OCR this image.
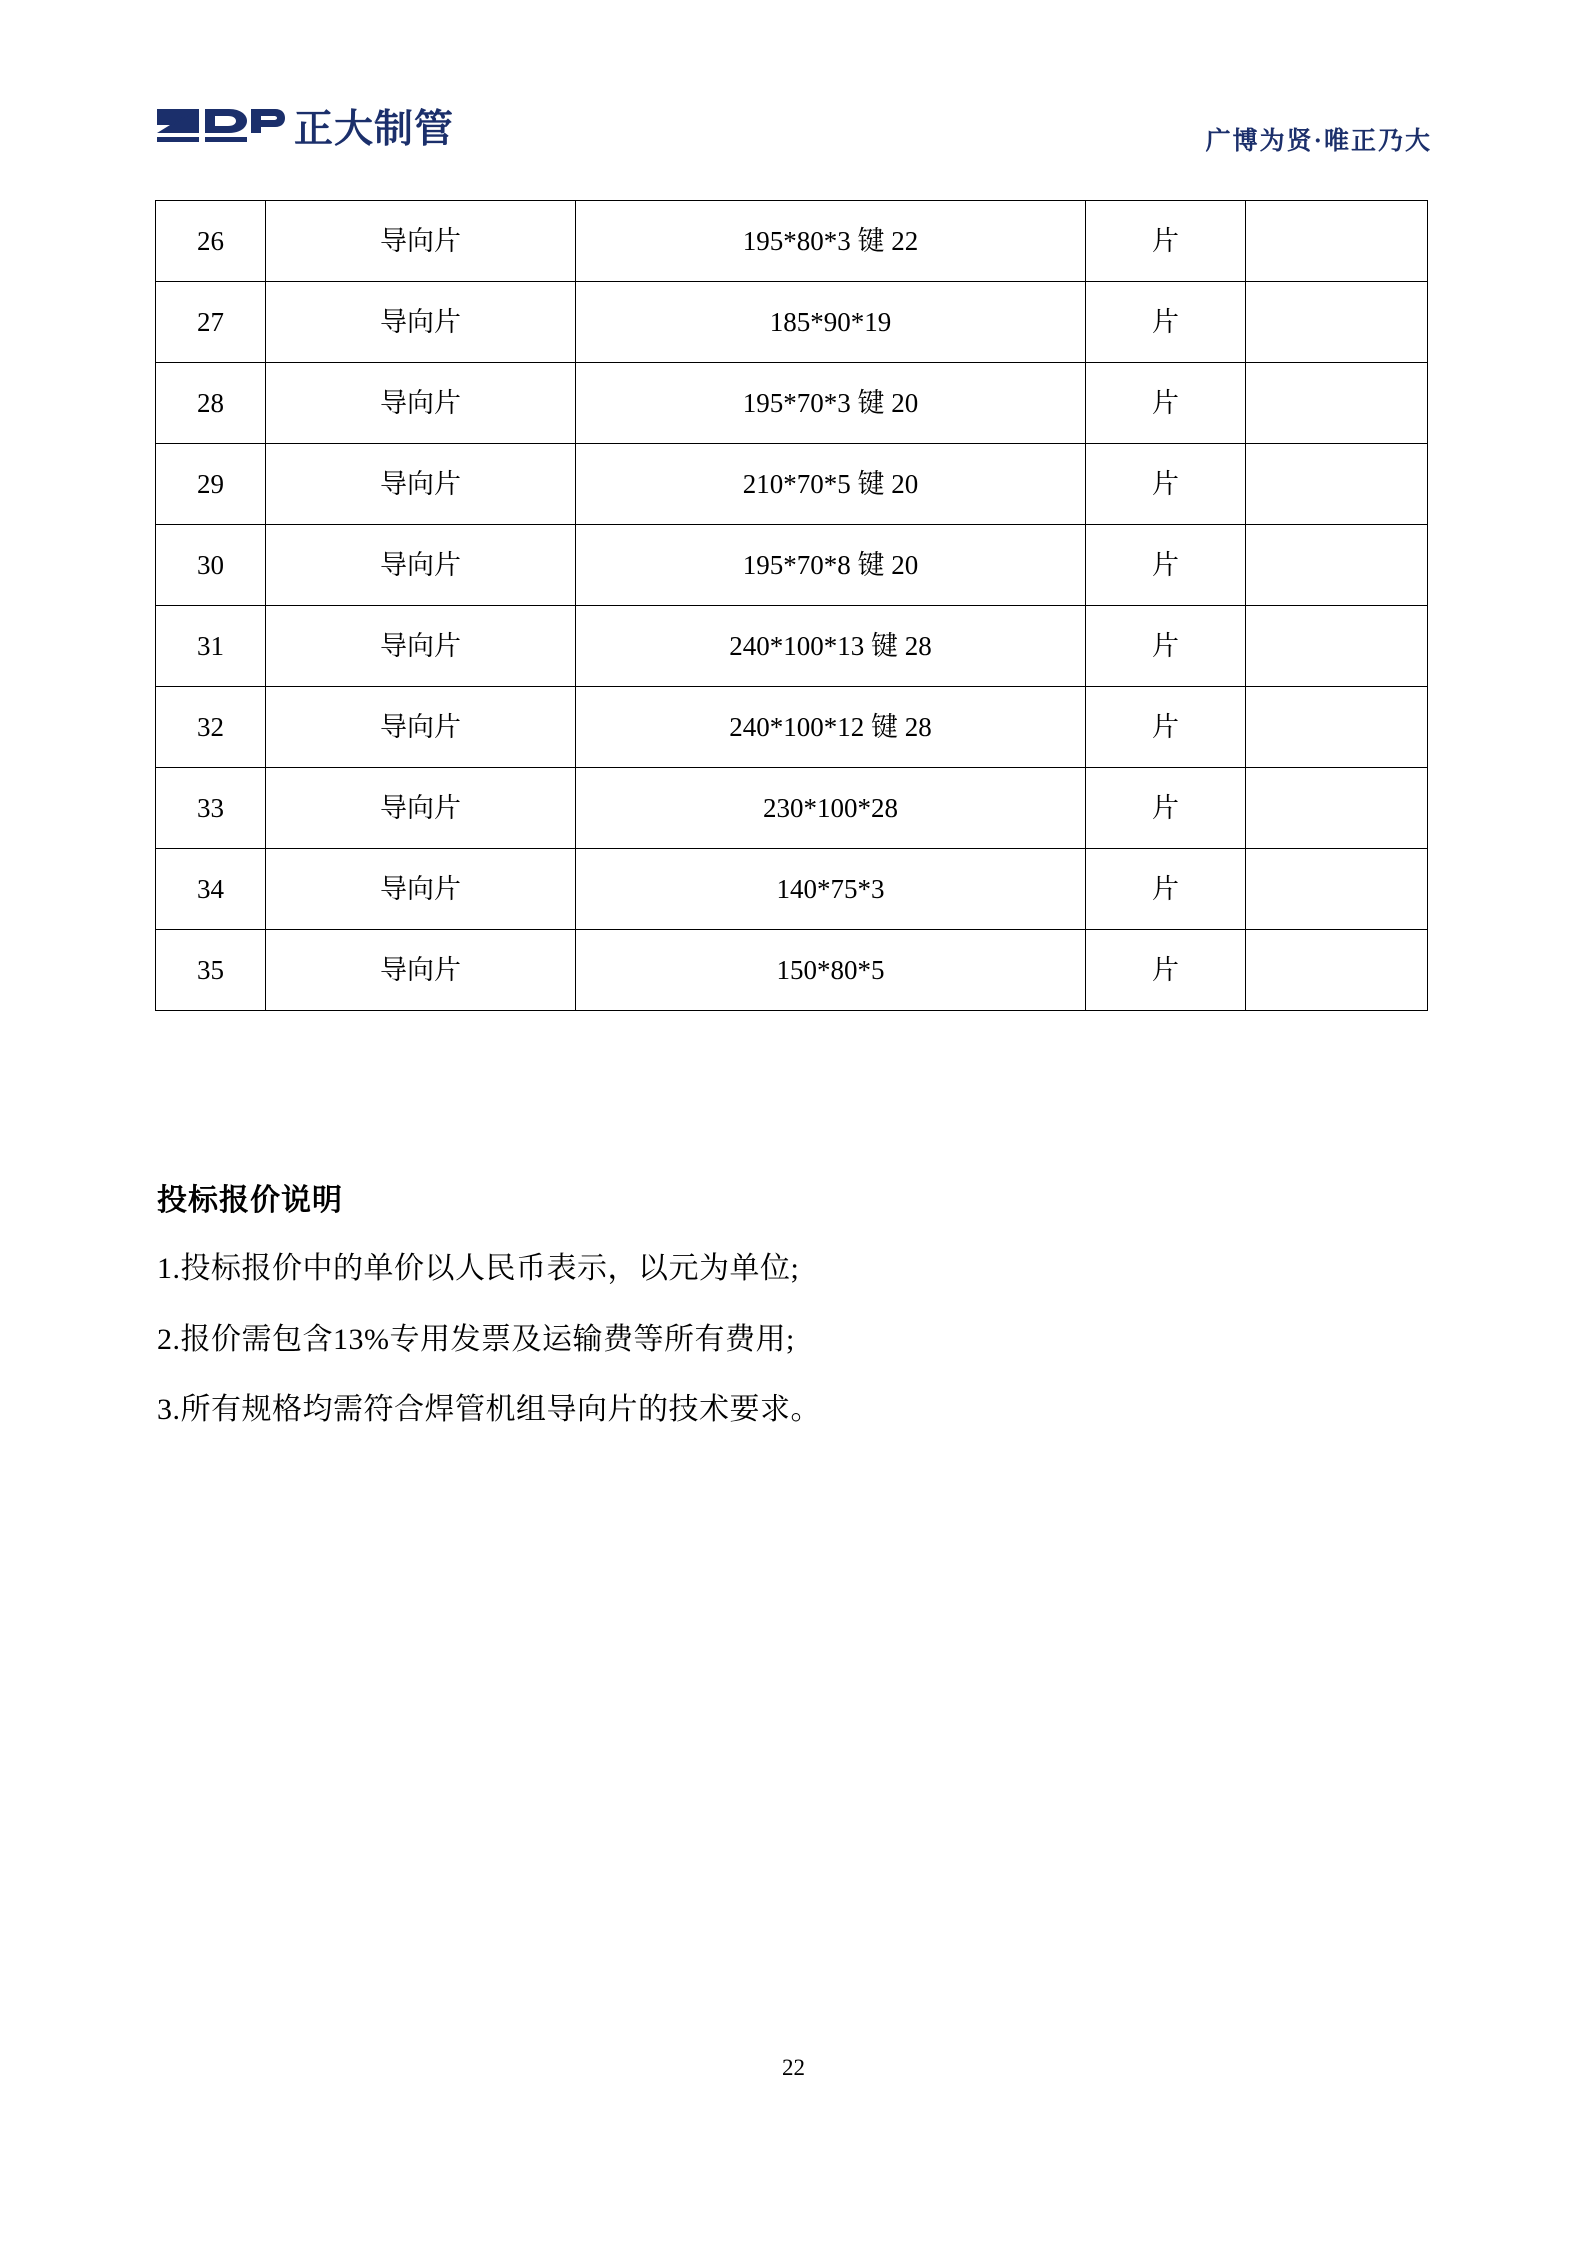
正大制管	广博为贤·唯正乃大
26	导向片	195*80*3 键 22	片	
27	导向片	185*90*19	片	
28	导向片	195*70*3 键 20	片	
29	导向片	210*70*5 键 20	片	
30	导向片	195*70*8 键 20	片	
31	导向片	240*100*13 键 28	片	
32	导向片	240*100*12 键 28	片	
33	导向片	230*100*28	片	
34	导向片	140*75*3	片	
35	导向片	150*80*5	片	
投标报价说明
1.投标报价中的单价以人民币表示，以元为单位;
2.报价需包含13%专用发票及运输费等所有费用;
3.所有规格均需符合焊管机组导向片的技术要求。
22
